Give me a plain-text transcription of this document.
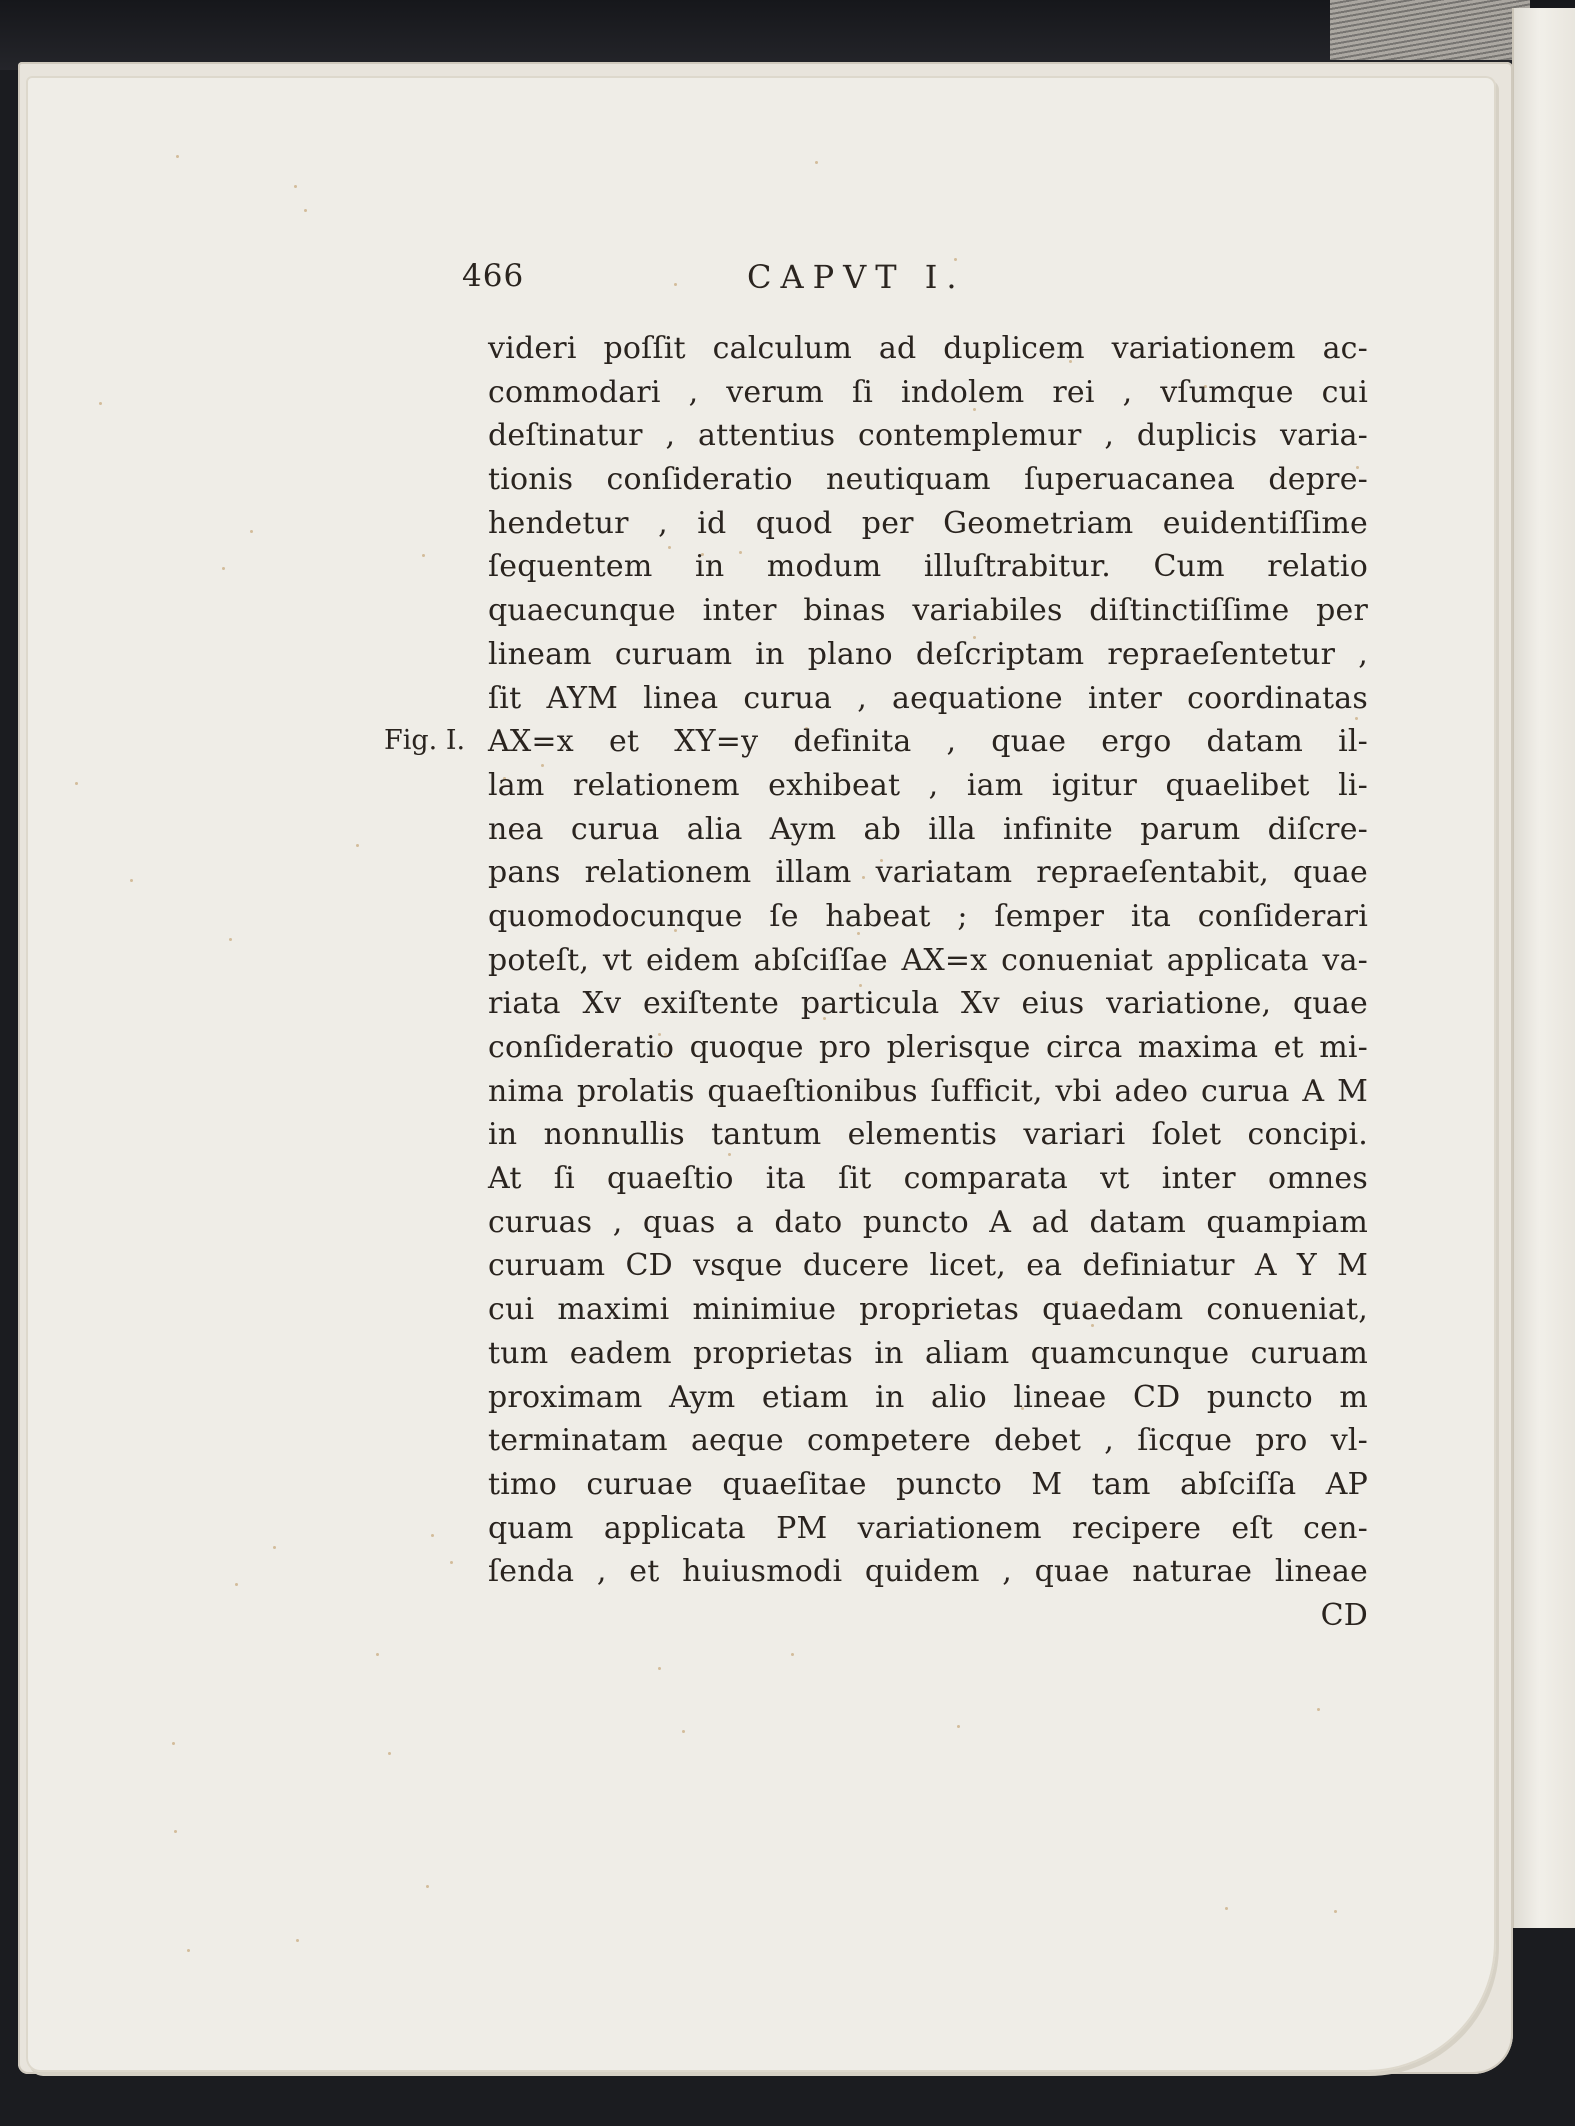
466	CAPVT I.
Fig. I.
videri poſſit calculum ad duplicem variationem ac-
commodari , verum ſi indolem rei , vſumque cui
deſtinatur , attentius contemplemur , duplicis varia-
tionis conſideratio neutiquam ſuperuacanea depre-
hendetur , id quod per Geometriam euidentiſſime
ſequentem in modum illuſtrabitur. Cum relatio
quaecunque inter binas variabiles diſtinctiſſime per
lineam curuam in plano deſcriptam repraeſentetur ,
ſit AYM linea curua , aequatione inter coordinatas
AX=x et XY=y definita , quae ergo datam il-
lam relationem exhibeat , iam igitur quaelibet li-
nea curua alia Aym ab illa infinite parum diſcre-
pans relationem illam variatam repraeſentabit, quae
quomodocunque ſe habeat ; ſemper ita conſiderari
poteſt, vt eidem abſciſſae AX=x conueniat applicata va-
riata Xv exiſtente particula Xv eius variatione, quae
conſideratio quoque pro plerisque circa maxima et mi-
nima prolatis quaeſtionibus ſufficit, vbi adeo curua A M
in nonnullis tantum elementis variari ſolet concipi.
At ſi quaeſtio ita ſit comparata vt inter omnes
curuas , quas a dato puncto A ad datam quampiam
curuam CD vsque ducere licet, ea definiatur A Y M
cui maximi minimiue proprietas quaedam conueniat,
tum eadem proprietas in aliam quamcunque curuam
proximam Aym etiam in alio lineae CD puncto m
terminatam aeque competere debet , ſicque pro vl-
timo curuae quaeſitae puncto M tam abſciſſa AP
quam applicata PM variationem recipere eſt cen-
ſenda , et huiusmodi quidem , quae naturae lineae
CD
